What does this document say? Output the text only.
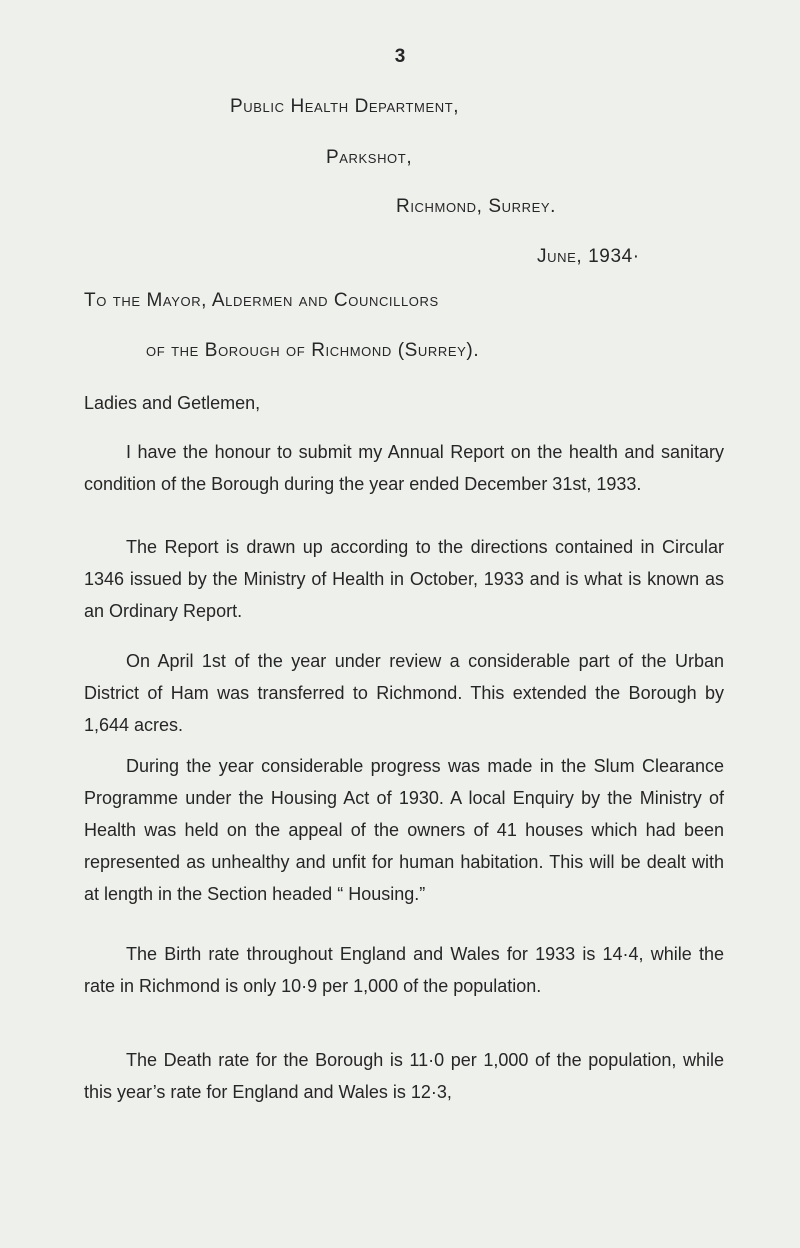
3
Public Health Department,
Parkshot,
Richmond, Surrey.
June, 1934·
To the Mayor, Aldermen and Councillors
of the Borough of Richmond (Surrey).
Ladies and Getlemen,

I have the honour to submit my Annual Report on the health and sanitary condition of the Borough during the year ended December 31st, 1933.

The Report is drawn up according to the directions contained in Circular 1346 issued by the Ministry of Health in October, 1933 and is what is known as an Ordinary Report.

On April 1st of the year under review a considerable part of the Urban District of Ham was transferred to Richmond. This extended the Borough by 1,644 acres.

During the year considerable progress was made in the Slum Clearance Programme under the Housing Act of 1930. A local Enquiry by the Ministry of Health was held on the appeal of the owners of 41 houses which had been represented as unhealthy and unfit for human habitation. This will be dealt with at length in the Section headed “ Housing.”

The Birth rate throughout England and Wales for 1933 is 14·4, while the rate in Richmond is only 10·9 per 1,000 of the population.

The Death rate for the Borough is 11·0 per 1,000 of the population, while this year’s rate for England and Wales is 12·3,
